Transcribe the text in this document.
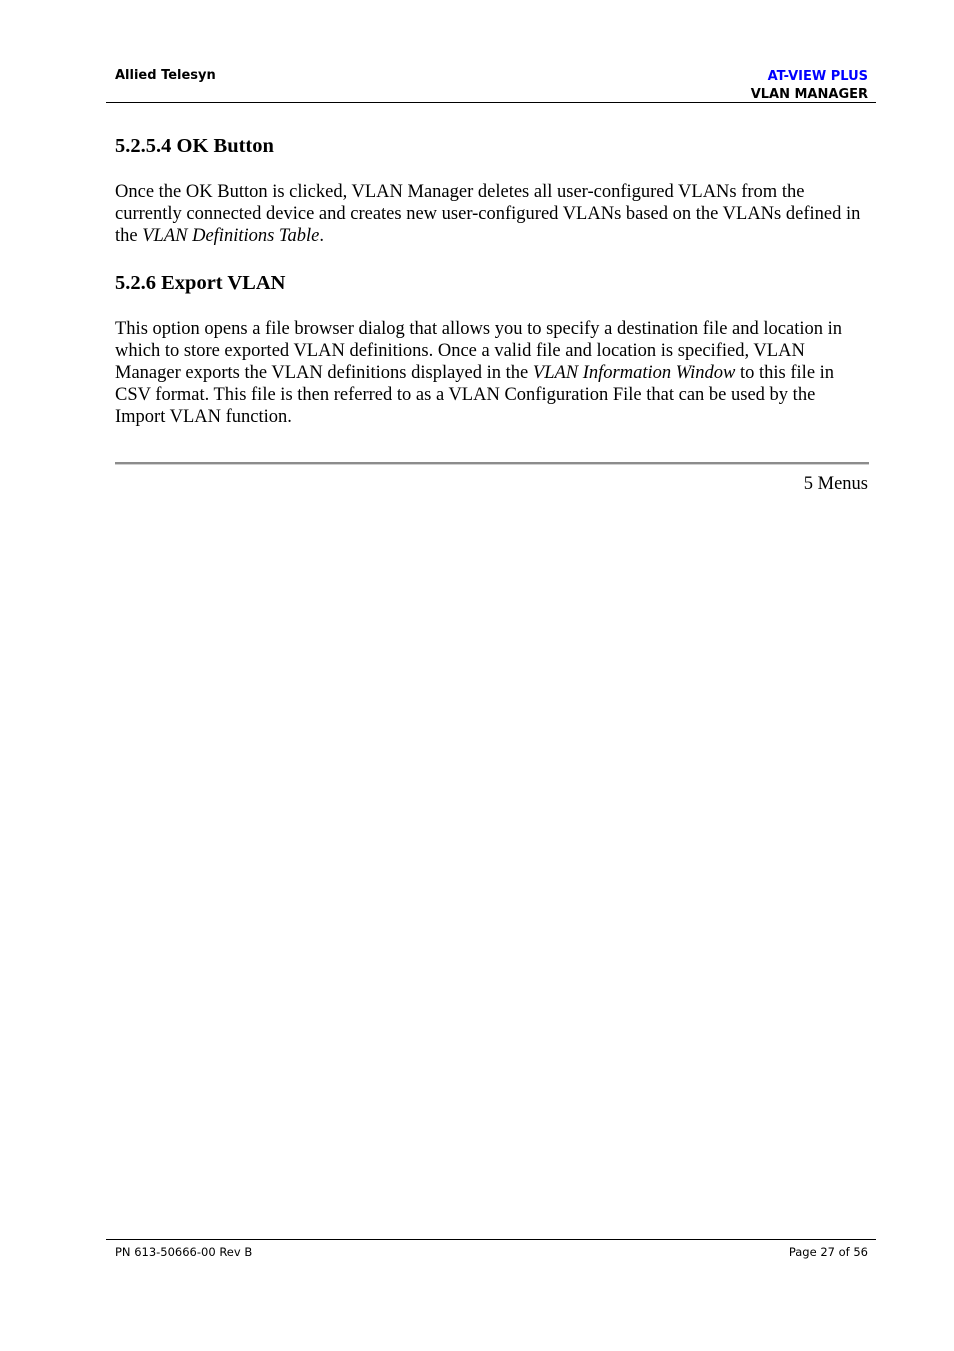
Allied Telesyn	AT-VIEW PLUS
VLAN MANAGER
5.2.5.4 OK Button

Once the OK Button is clicked, VLAN Manager deletes all user-configured VLANs from the currently connected device and creates new user-configured VLANs based on the VLANs defined in the VLAN Definitions Table.

5.2.6 Export VLAN

This option opens a file browser dialog that allows you to specify a destination file and location in which to store exported VLAN definitions. Once a valid file and location is specified, VLAN Manager exports the VLAN definitions displayed in the VLAN Information Window to this file in CSV format. This file is then referred to as a VLAN Configuration File that can be used by the Import VLAN function.

5 Menus
PN 613-50666-00 Rev B	Page 27 of 56
